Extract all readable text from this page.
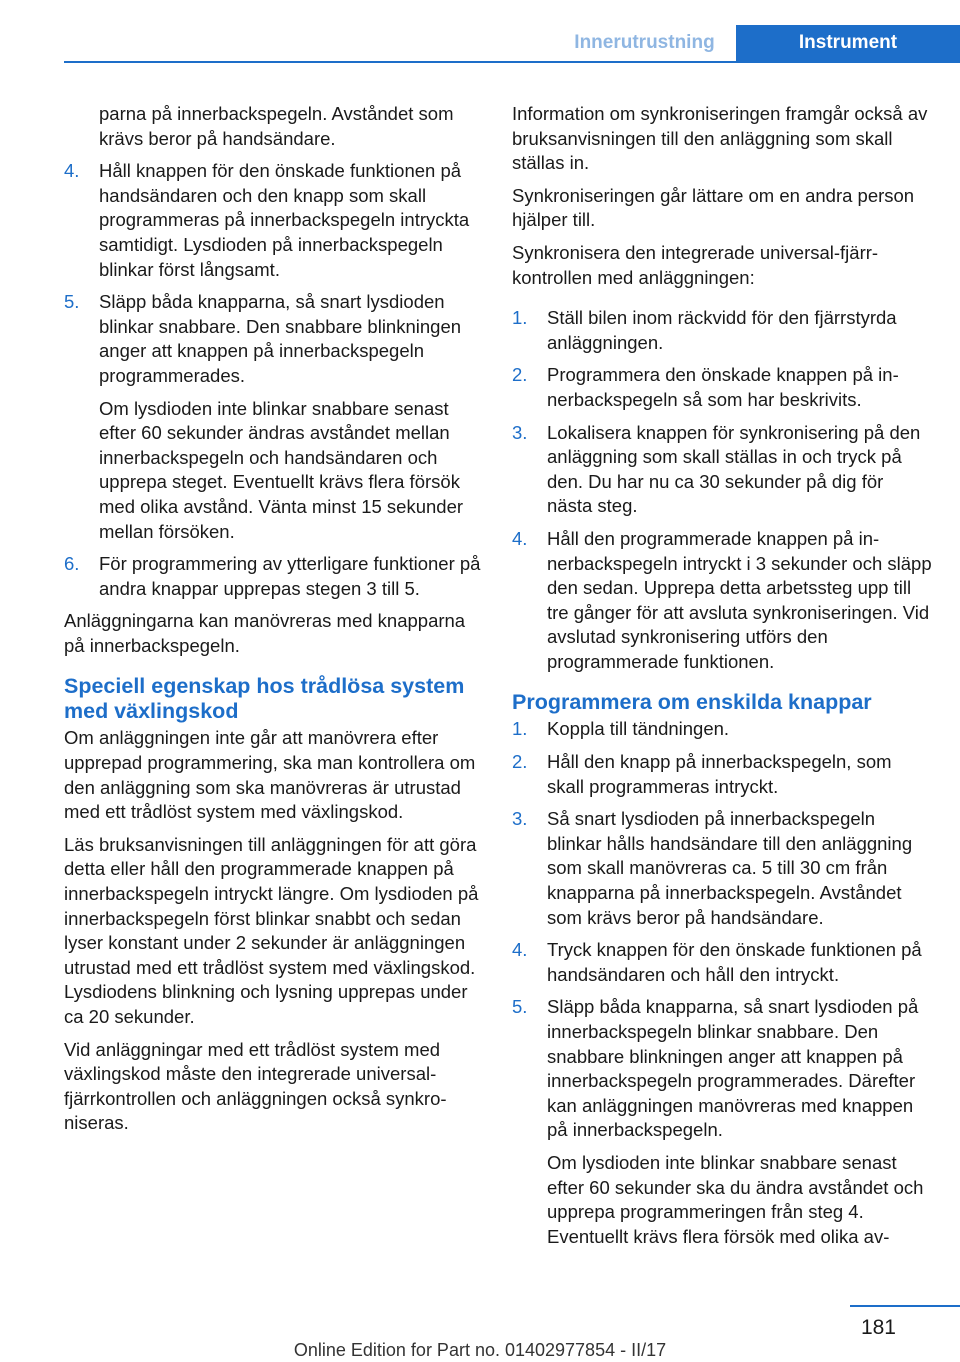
Innerutrustning	Instrument

parna på innerbackspegeln. Avståndet som krävs beror på handsändare.

4.	Håll knappen för den önskade funktionen på handsändaren och den knapp som skall programmeras på innerbackspegeln intryckta samtidigt. Lysdioden på innerbackspegeln blinkar först långsamt.

5.	Släpp båda knapparna, så snart lysdioden blinkar snabbare. Den snabbare blinkningen anger att knappen på innerbackspegeln programmerades.

Om lysdioden inte blinkar snabbare senast efter 60 sekunder ändras avståndet mellan innerbackspegeln och handsändaren och upprepa steget. Eventuellt krävs flera försök med olika avstånd. Vänta minst 15 sekunder mellan försöken.

6.	För programmering av ytterligare funktioner på andra knappar upprepas stegen 3 till 5.

Anläggningarna kan manövreras med knapparna på innerbackspegeln.

Speciell egenskap hos trådlösa system med växlingskod

Om anläggningen inte går att manövrera efter upprepad programmering, ska man kontrollera om den anläggning som ska manövreras är utrustad med ett trådlöst system med växlingskod.

Läs bruksanvisningen till anläggningen för att göra detta eller håll den programmerade knappen på innerbackspegeln intryckt längre. Om lysdioden på innerbackspegeln först blinkar snabbt och sedan lyser konstant under 2 sekunder är anläggningen utrustad med ett trådlöst system med växlingskod. Lysdiodens blinkning och lysning upprepas under ca 20 sekunder.

Vid anläggningar med ett trådlöst system med växlingskod måste den integrerade universal-fjärrkontrollen och anläggningen också synkroniseras.

Information om synkroniseringen framgår också av bruksanvisningen till den anläggning som skall ställas in.

Synkroniseringen går lättare om en andra person hjälper till.

Synkronisera den integrerade universal-fjärrkontrollen med anläggningen:

1.	Ställ bilen inom räckvidd för den fjärrstyrda anläggningen.

2.	Programmera den önskade knappen på innerbackspegeln så som har beskrivits.

3.	Lokalisera knappen för synkronisering på den anläggning som skall ställas in och tryck på den. Du har nu ca 30 sekunder på dig för nästa steg.

4.	Håll den programmerade knappen på innerbackspegeln intryckt i 3 sekunder och släpp den sedan. Upprepa detta arbetssteg upp till tre gånger för att avsluta synkroniseringen. Vid avslutad synkronisering utförs den programmerade funktionen.

Programmera om enskilda knappar
1.	Koppla till tändningen.

2.	Håll den knapp på innerbackspegeln, som skall programmeras intryckt.

3.	Så snart lysdioden på innerbackspegeln blinkar hålls handsändare till den anläggning som skall manövreras ca. 5 till 30 cm från knapparna på innerbackspegeln. Avståndet som krävs beror på handsändare.

4.	Tryck knappen för den önskade funktionen på handsändaren och håll den intryckt.

5.	Släpp båda knapparna, så snart lysdioden på innerbackspegeln blinkar snabbare. Den snabbare blinkningen anger att knappen på innerbackspegeln programmerades. Därefter kan anläggningen manövreras med knappen på innerbackspegeln.

Om lysdioden inte blinkar snabbare senast efter 60 sekunder ska du ändra avståndet och upprepa programmeringen från steg 4. Eventuellt krävs flera försök med olika av-

181
Online Edition for Part no. 01402977854 - II/17
